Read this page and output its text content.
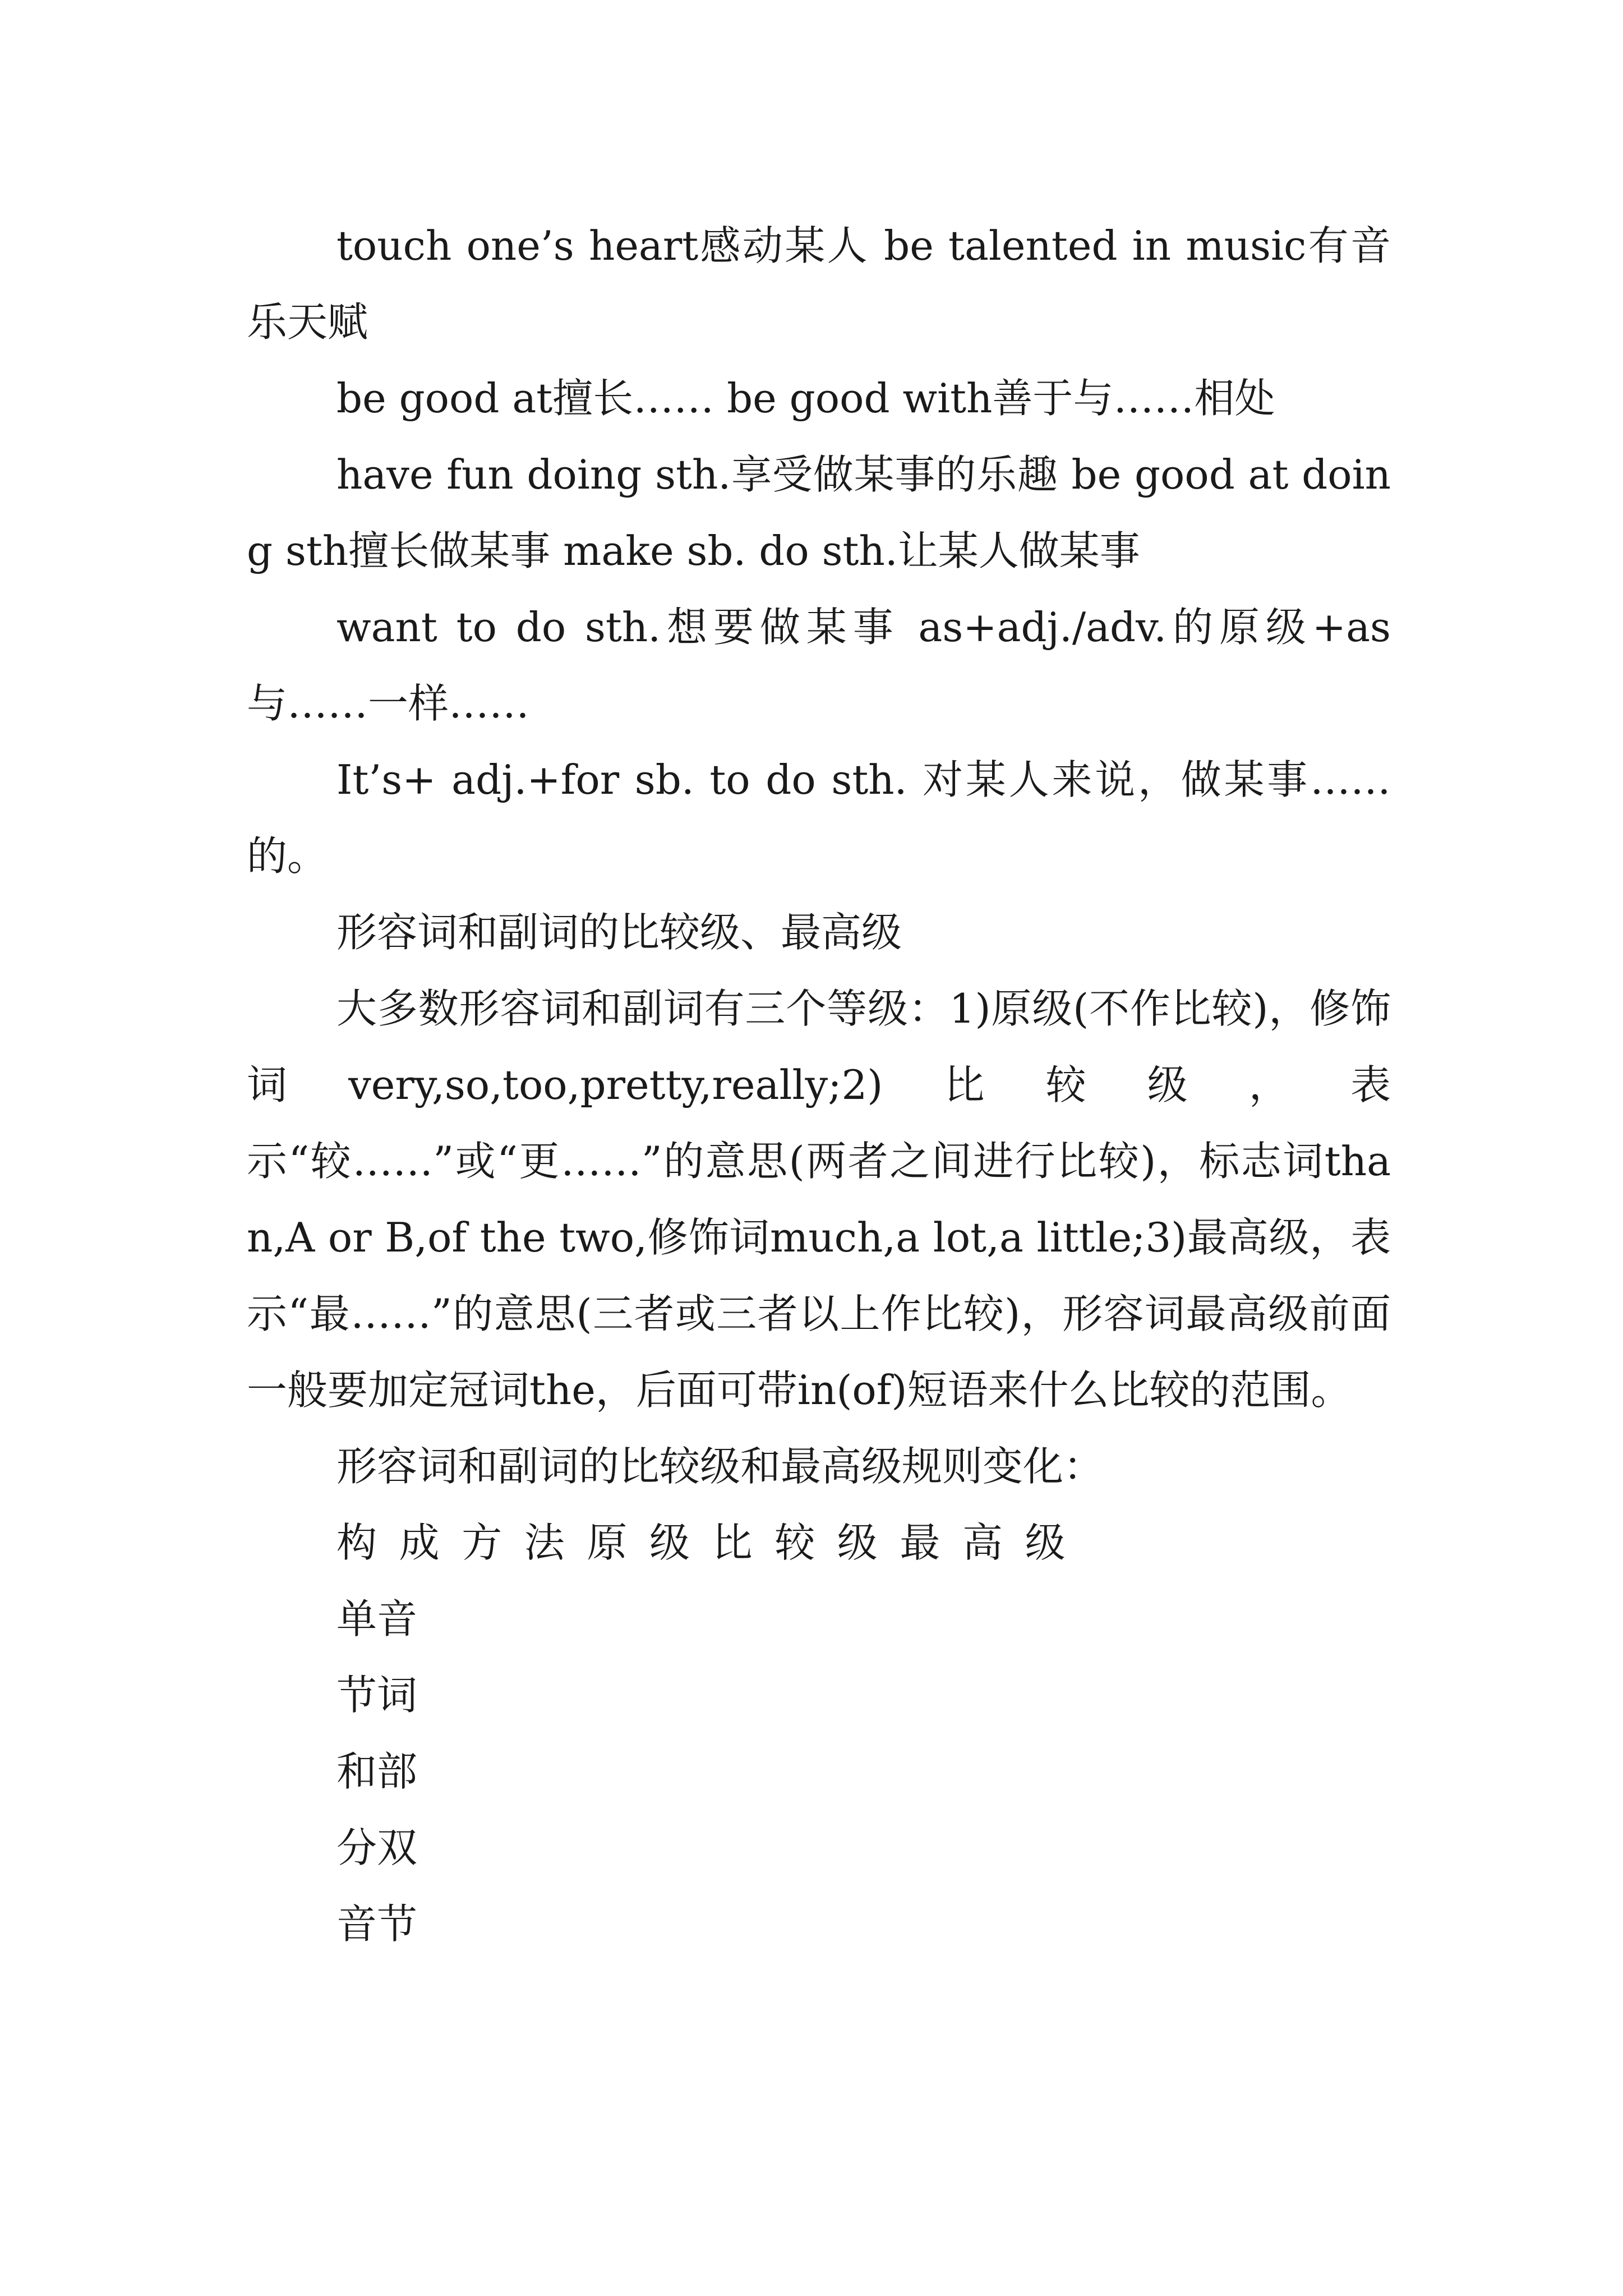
touch one’s heart感动某人 be talented in music有音乐天赋

be good at擅长…… be good with善于与……相处

have fun doing sth.享受做某事的乐趣 be good at doing sth擅长做某事 make sb. do sth.让某人做某事

want to do sth.想要做某事 as+adj./adv.的原级+as与……一样……

It’s+ adj.+for sb. to do sth. 对某人来说，做某事……的。

形容词和副词的比较级、最高级

大多数形容词和副词有三个等级：1)原级(不作比较)，修饰词very,so,too,pretty,really;2)比较级，表示“较……”或“更……”的意思(两者之间进行比较)，标志词than,A or B,of the two,修饰词much,a lot,a little;3)最高级，表示“最……”的意思(三者或三者以上作比较)，形容词最高级前面一般要加定冠词the，后面可带in(of)短语来什么比较的范围。

形容词和副词的比较级和最高级规则变化：

构成方法原级比较级最高级

单音

节词

和部

分双

音节
